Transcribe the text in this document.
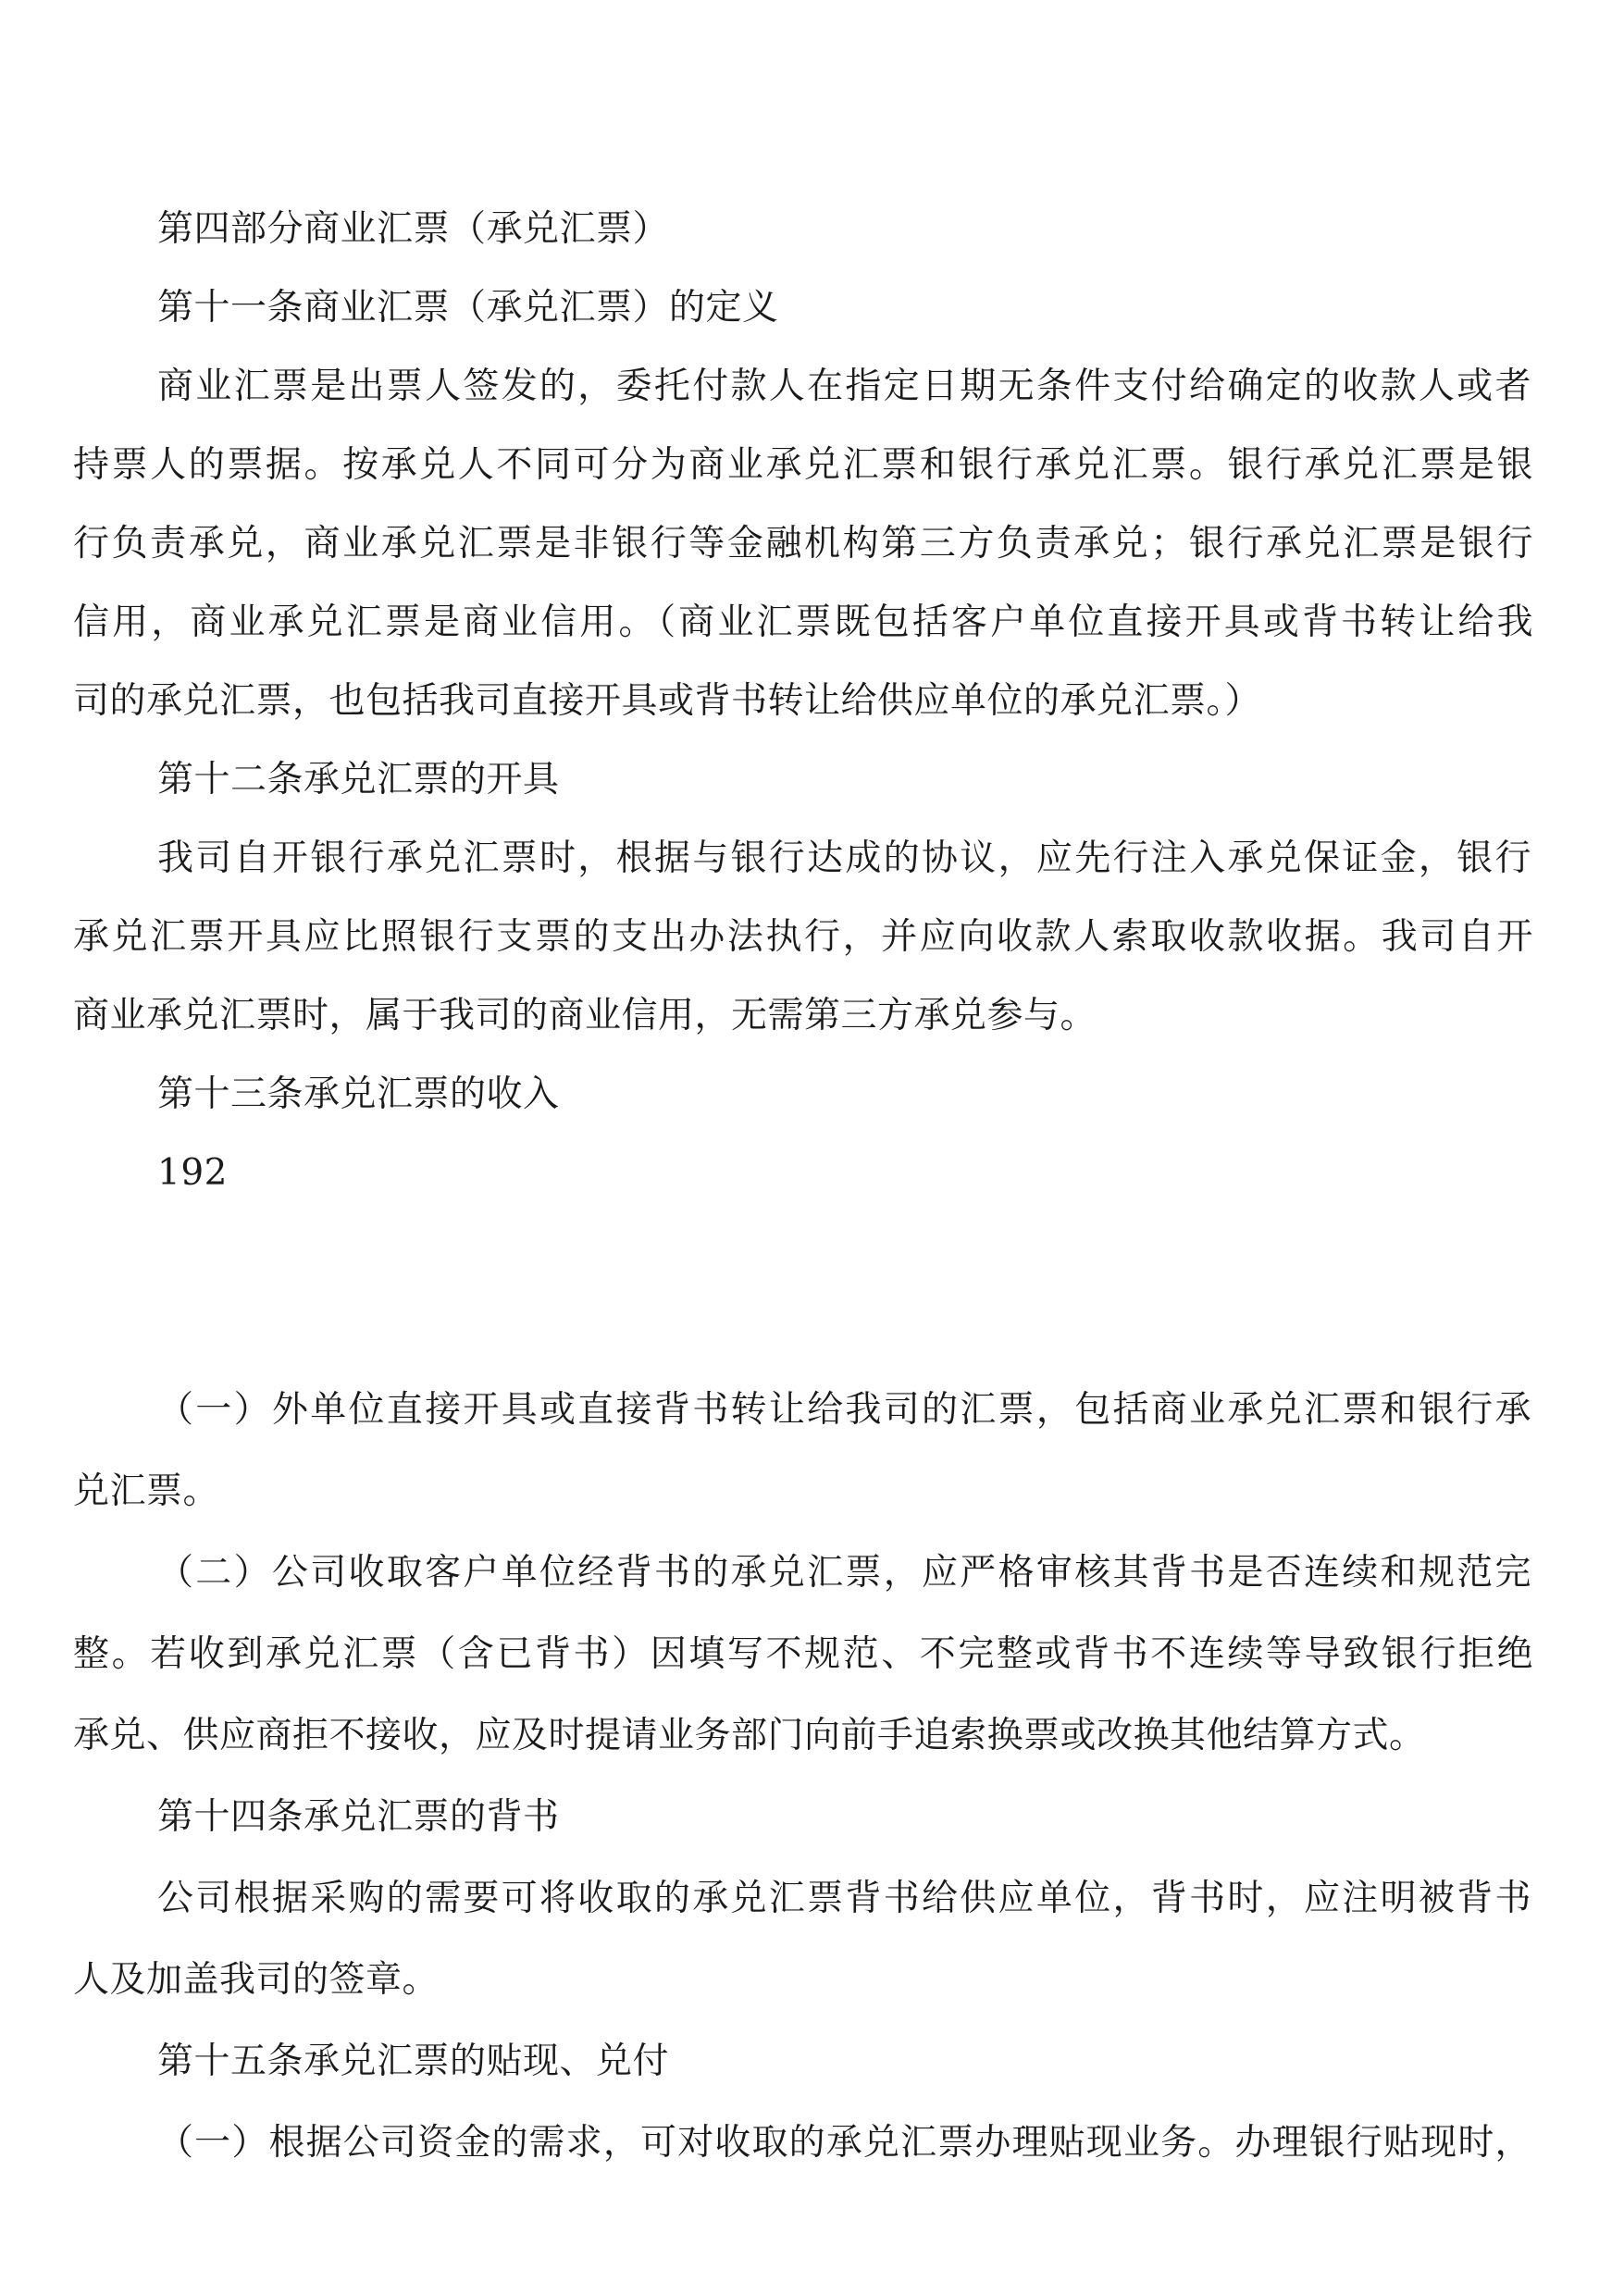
第四部分商业汇票（承兑汇票）
第十一条商业汇票（承兑汇票）的定义
商业汇票是出票人签发的，委托付款人在指定日期无条件支付给确定的收款人或者
持票人的票据。按承兑人不同可分为商业承兑汇票和银行承兑汇票。银行承兑汇票是银
行负责承兑，商业承兑汇票是非银行等金融机构第三方负责承兑；银行承兑汇票是银行
信用，商业承兑汇票是商业信用。（商业汇票既包括客户单位直接开具或背书转让给我
司的承兑汇票，也包括我司直接开具或背书转让给供应单位的承兑汇票。）
第十二条承兑汇票的开具
我司自开银行承兑汇票时，根据与银行达成的协议，应先行注入承兑保证金，银行
承兑汇票开具应比照银行支票的支出办法执行，并应向收款人索取收款收据。我司自开
商业承兑汇票时，属于我司的商业信用，无需第三方承兑参与。
第十三条承兑汇票的收入
192
（一）外单位直接开具或直接背书转让给我司的汇票，包括商业承兑汇票和银行承
兑汇票。
（二）公司收取客户单位经背书的承兑汇票，应严格审核其背书是否连续和规范完
整。若收到承兑汇票（含已背书）因填写不规范、不完整或背书不连续等导致银行拒绝
承兑、供应商拒不接收，应及时提请业务部门向前手追索换票或改换其他结算方式。
第十四条承兑汇票的背书
公司根据采购的需要可将收取的承兑汇票背书给供应单位，背书时，应注明被背书
人及加盖我司的签章。
第十五条承兑汇票的贴现、兑付
（一）根据公司资金的需求，可对收取的承兑汇票办理贴现业务。办理银行贴现时，
